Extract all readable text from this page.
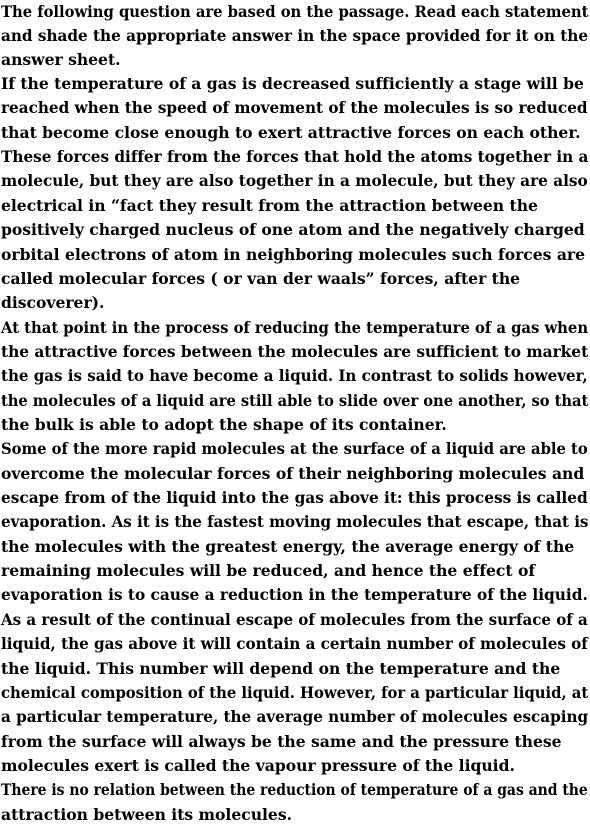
The following question are based on the passage. Read each statement

and shade the appropriate answer in the space provided for it on the

answer sheet.

If the temperature of a gas is decreased sufficiently a stage will be

reached when the speed of movement of the molecules is so reduced

that become close enough to exert attractive forces on each other.

These forces differ from the forces that hold the atoms together in a

molecule, but they are also together in a molecule, but they are also

electrical in “fact they result from the attraction between the

positively charged nucleus of one atom and the negatively charged

orbital electrons of atom in neighboring molecules such forces are

called molecular forces ( or van der waals” forces, after the

discoverer).

At that point in the process of reducing the temperature of a gas when

the attractive forces between the molecules are sufficient to market

the gas is said to have become a liquid. In contrast to solids however,

the molecules of a liquid are still able to slide over one another, so that

the bulk is able to adopt the shape of its container.

Some of the more rapid molecules at the surface of a liquid are able to

overcome the molecular forces of their neighboring molecules and

escape from of the liquid into the gas above it: this process is called

evaporation. As it is the fastest moving molecules that escape, that is

the molecules with the greatest energy, the average energy of the

remaining molecules will be reduced, and hence the effect of

evaporation is to cause a reduction in the temperature of the liquid.

As a result of the continual escape of molecules from the surface of a

liquid, the gas above it will contain a certain number of molecules of

the liquid. This number will depend on the temperature and the

chemical composition of the liquid. However, for a particular liquid, at

a particular temperature, the average number of molecules escaping

from the surface will always be the same and the pressure these

molecules exert is called the vapour pressure of the liquid.

There is no relation between the reduction of temperature of a gas and the

attraction between its molecules.
